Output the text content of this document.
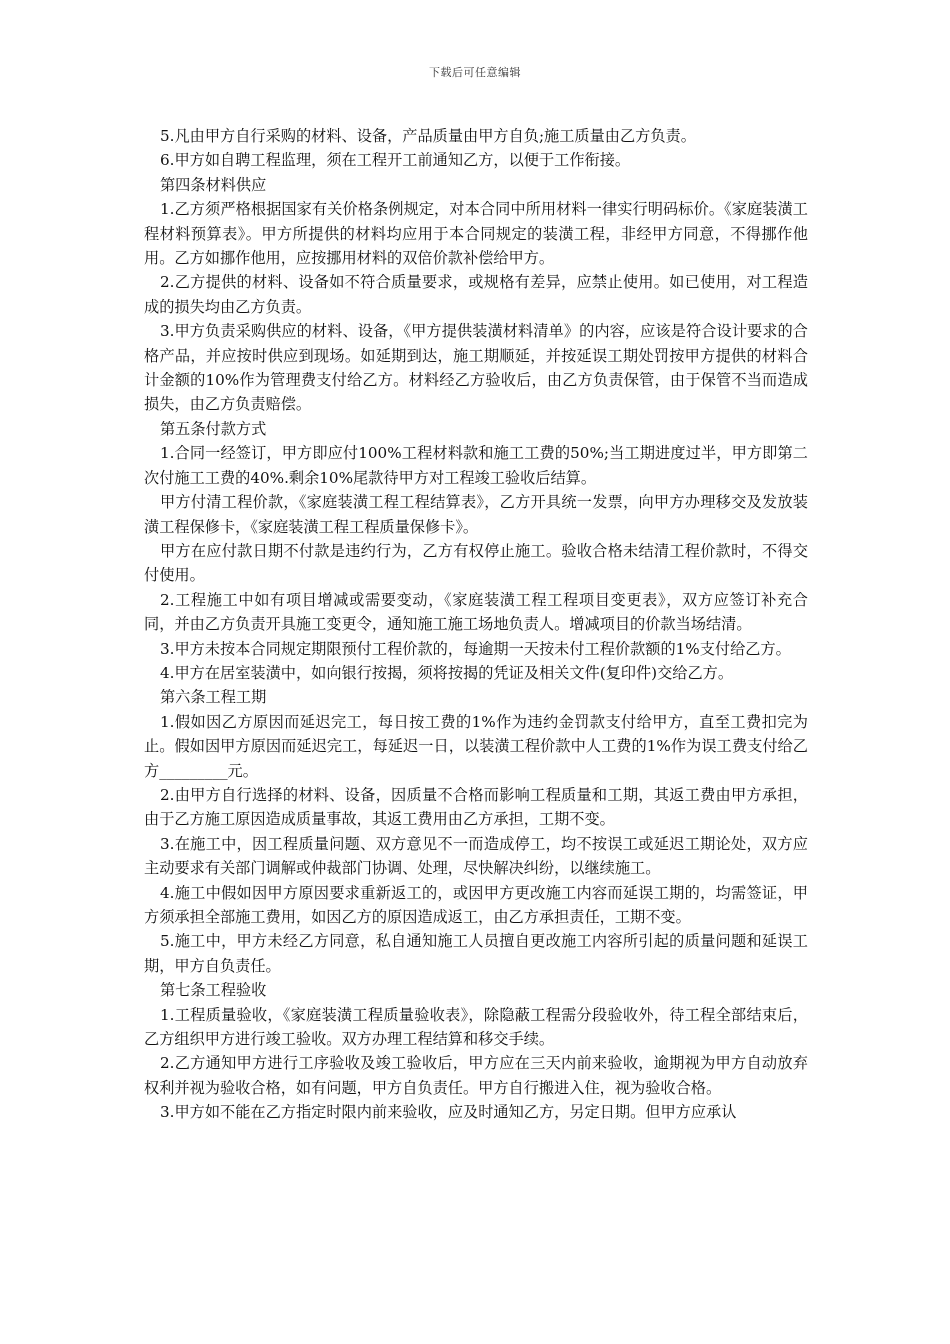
下载后可任意编辑

5.凡由甲方自行采购的材料、设备，产品质量由甲方自负;施工质量由乙方负责。

6.甲方如自聘工程监理，须在工程开工前通知乙方，以便于工作衔接。

第四条材料供应

1.乙方须严格根据国家有关价格条例规定，对本合同中所用材料一律实行明码标价。《家庭装潢工程材料预算表》。甲方所提供的材料均应用于本合同规定的装潢工程，非经甲方同意，不得挪作他用。乙方如挪作他用，应按挪用材料的双倍价款补偿给甲方。

2.乙方提供的材料、设备如不符合质量要求，或规格有差异，应禁止使用。如已使用，对工程造成的损失均由乙方负责。

3.甲方负责采购供应的材料、设备，《甲方提供装潢材料清单》的内容，应该是符合设计要求的合格产品，并应按时供应到现场。如延期到达，施工期顺延，并按延误工期处罚按甲方提供的材料合计金额的10%作为管理费支付给乙方。材料经乙方验收后，由乙方负责保管，由于保管不当而造成损失，由乙方负责赔偿。

第五条付款方式

1.合同一经签订，甲方即应付100%工程材料款和施工工费的50%;当工期进度过半，甲方即第二次付施工工费的40%.剩余10%尾款待甲方对工程竣工验收后结算。

甲方付清工程价款，《家庭装潢工程工程结算表》，乙方开具统一发票，向甲方办理移交及发放装潢工程保修卡，《家庭装潢工程工程质量保修卡》。

甲方在应付款日期不付款是违约行为，乙方有权停止施工。验收合格未结清工程价款时，不得交付使用。

2.工程施工中如有项目增减或需要变动，《家庭装潢工程工程项目变更表》，双方应签订补充合同，并由乙方负责开具施工变更令，通知施工施工场地负责人。增减项目的价款当场结清。

3.甲方未按本合同规定期限预付工程价款的，每逾期一天按未付工程价款额的1%支付给乙方。

4.甲方在居室装潢中，如向银行按揭，须将按揭的凭证及相关文件(复印件)交给乙方。

第六条工程工期

1.假如因乙方原因而延迟完工，每日按工费的1%作为违约金罚款支付给甲方，直至工费扣完为止。假如因甲方原因而延迟完工，每延迟一日，以装潢工程价款中人工费的1%作为误工费支付给乙方_________元。

2.由甲方自行选择的材料、设备，因质量不合格而影响工程质量和工期，其返工费由甲方承担，由于乙方施工原因造成质量事故，其返工费用由乙方承担，工期不变。

3.在施工中，因工程质量问题、双方意见不一而造成停工，均不按误工或延迟工期论处，双方应主动要求有关部门调解或仲裁部门协调、处理，尽快解决纠纷，以继续施工。

4.施工中假如因甲方原因要求重新返工的，或因甲方更改施工内容而延误工期的，均需签证，甲方须承担全部施工费用，如因乙方的原因造成返工，由乙方承担责任，工期不变。

5.施工中，甲方未经乙方同意，私自通知施工人员擅自更改施工内容所引起的质量问题和延误工期，甲方自负责任。

第七条工程验收

1.工程质量验收，《家庭装潢工程质量验收表》，除隐蔽工程需分段验收外，待工程全部结束后，乙方组织甲方进行竣工验收。双方办理工程结算和移交手续。

2.乙方通知甲方进行工序验收及竣工验收后，甲方应在三天内前来验收，逾期视为甲方自动放弃权利并视为验收合格，如有问题，甲方自负责任。甲方自行搬进入住，视为验收合格。

3.甲方如不能在乙方指定时限内前来验收，应及时通知乙方，另定日期。但甲方应承认
